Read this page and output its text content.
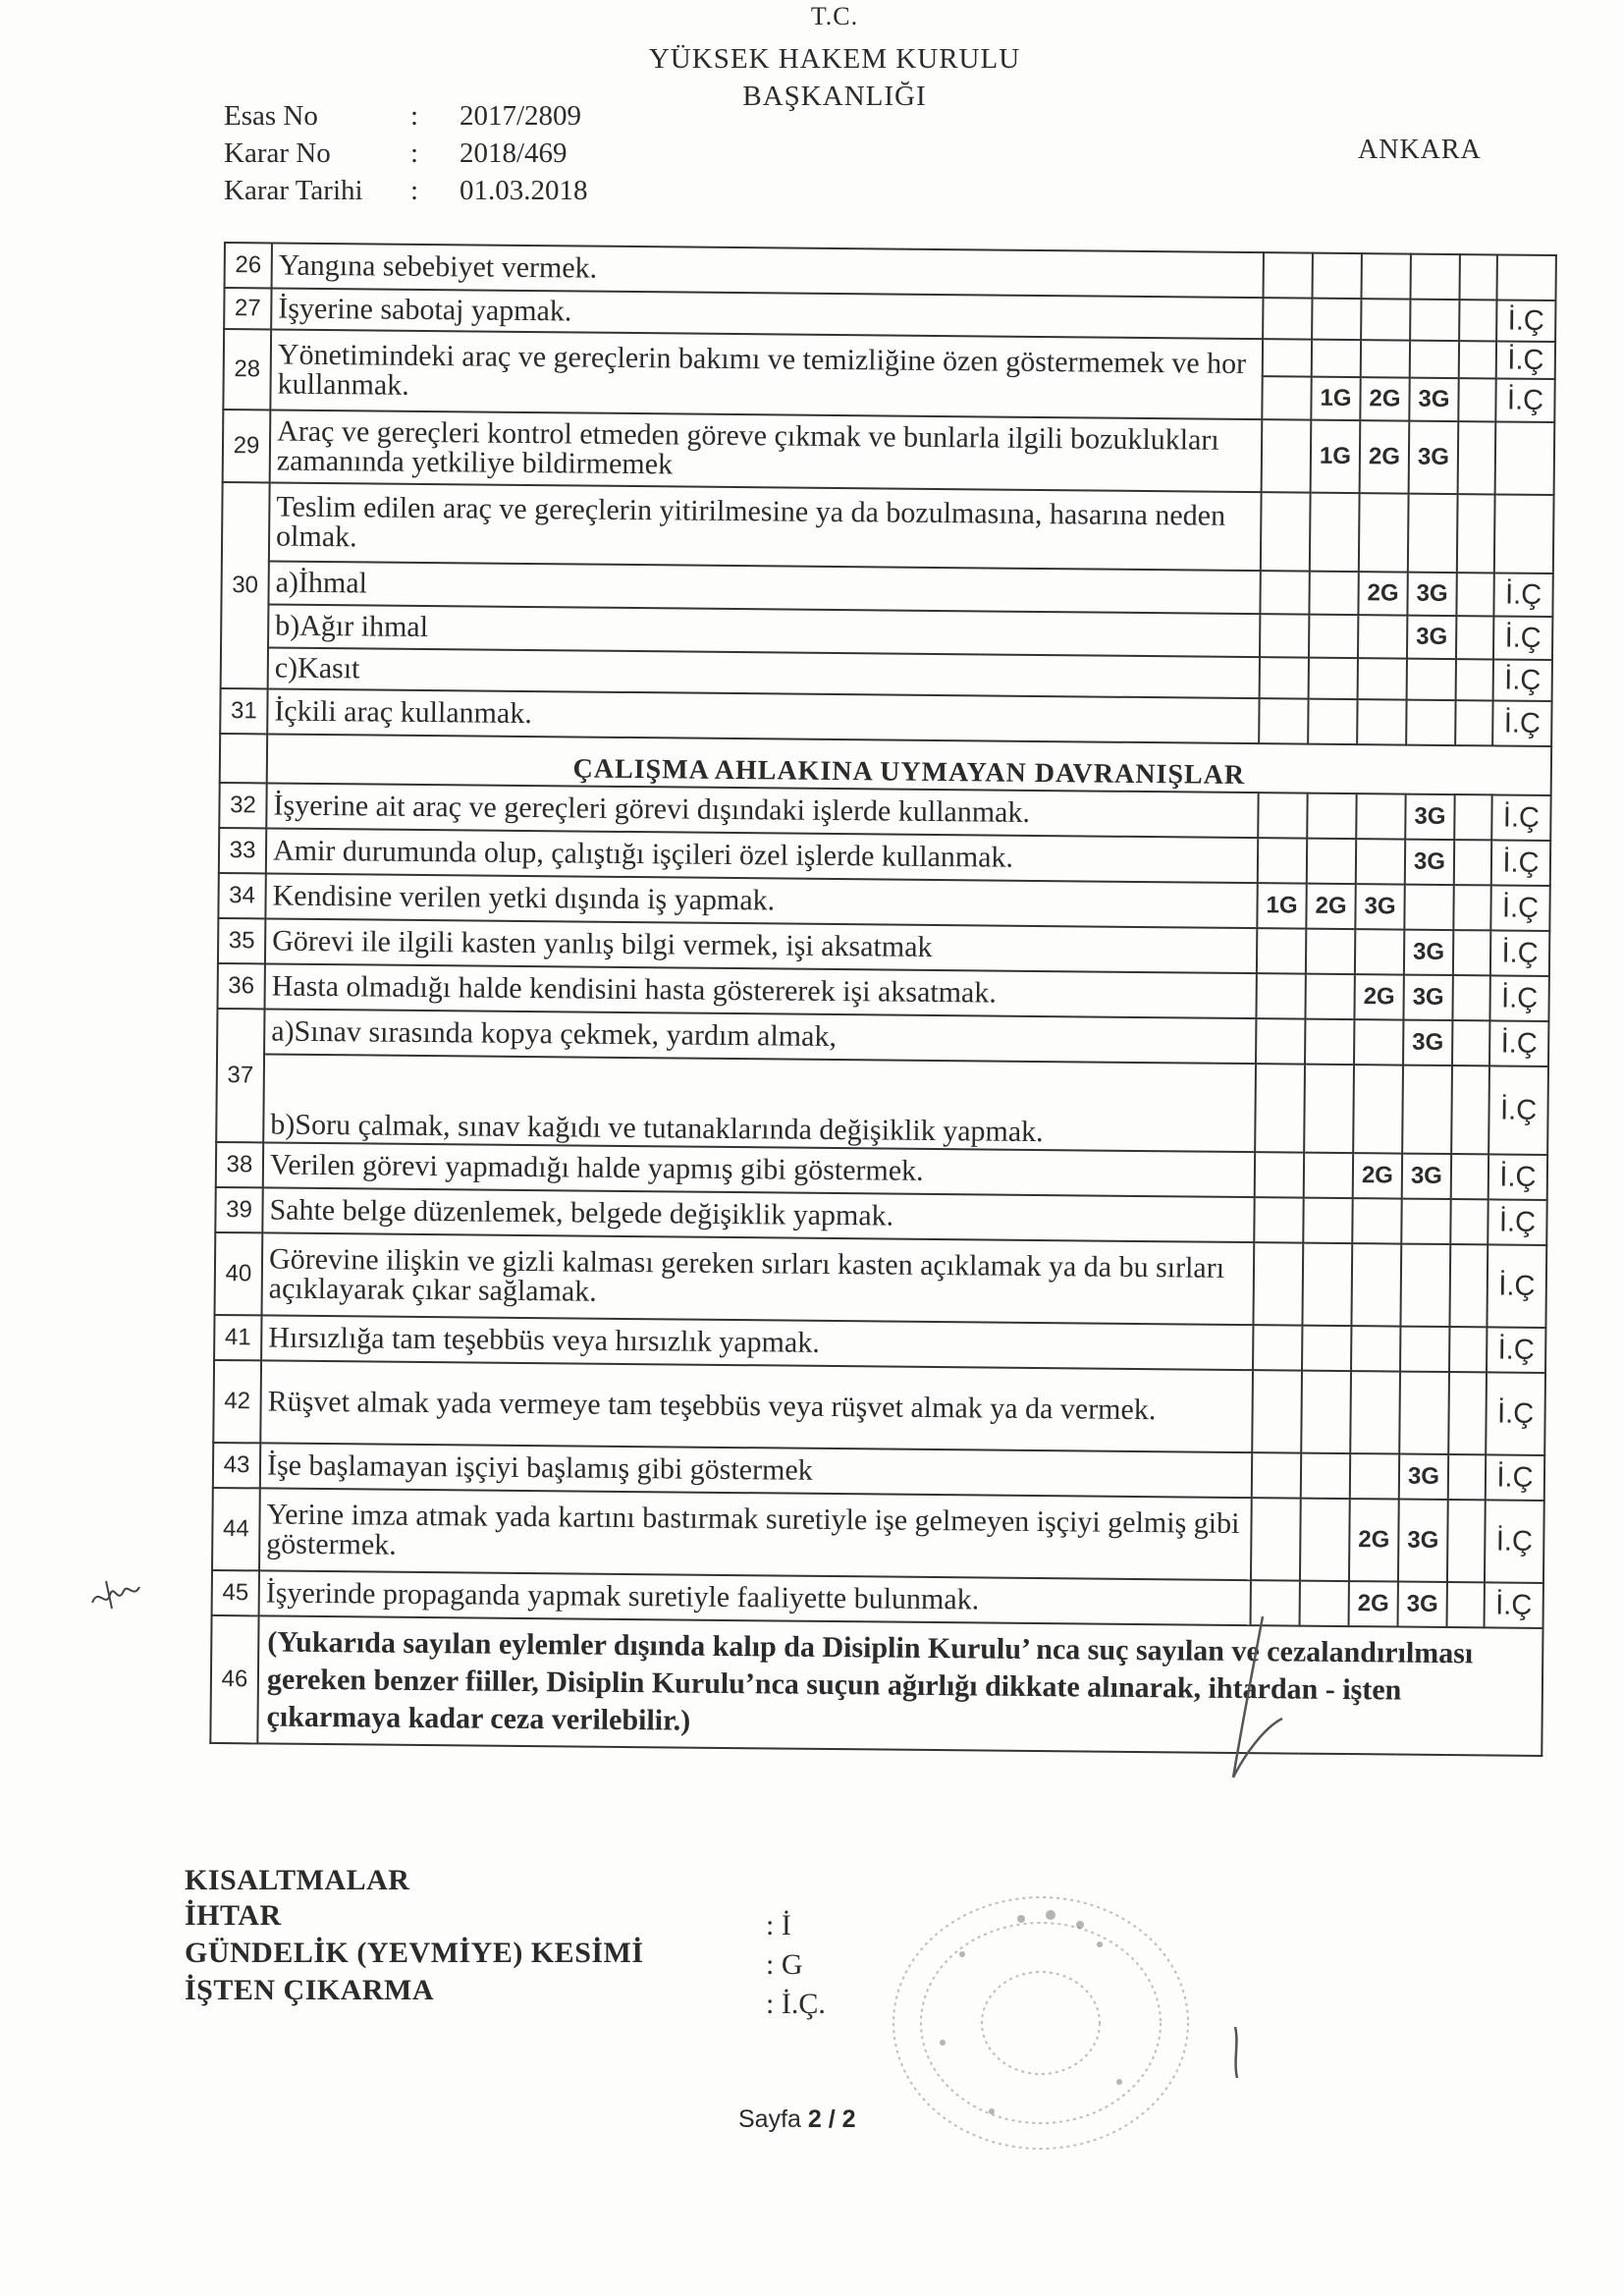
T.C.
YÜKSEK HAKEM KURULU
BAŞKANLIĞI
Esas No	: 2017/2809
Karar No	: 2018/469
Karar Tarihi : 01.03.2018
ANKARA
26	Yangına sebebiyet vermek.						
27	İşyerine sabotaj yapmak.						İ.Ç
28	Yönetimindeki araç ve gereçlerin bakımı ve temizliğine özen göstermemek ve hor kullanmak.						İ.Ç
			1G	2G	3G		İ.Ç
29	Araç ve gereçleri kontrol etmeden göreve çıkmak ve bunlarla ilgili bozuklukları zamanında yetkiliye bildirmemek		1G	2G	3G		
30	Teslim edilen araç ve gereçlerin yitirilmesine ya da bozulmasına, hasarına neden olmak.						
	a)İhmal			2G	3G		İ.Ç
	b)Ağır ihmal				3G		İ.Ç
	c)Kasıt						İ.Ç
31	İçkili araç kullanmak.						İ.Ç
	ÇALIŞMA AHLAKINA UYMAYAN DAVRANIŞLAR						
32	İşyerine ait araç ve gereçleri görevi dışındaki işlerde kullanmak.				3G		İ.Ç
33	Amir durumunda olup, çalıştığı işçileri özel işlerde kullanmak.				3G		İ.Ç
34	Kendisine verilen yetki dışında iş yapmak.	1G	2G	3G			İ.Ç
35	Görevi ile ilgili kasten yanlış bilgi vermek, işi aksatmak				3G		İ.Ç
36	Hasta olmadığı halde kendisini hasta göstererek işi aksatmak.			2G	3G		İ.Ç
37	a)Sınav sırasında kopya çekmek, yardım almak,				3G		İ.Ç
	b)Soru çalmak, sınav kağıdı ve tutanaklarında değişiklik yapmak.						İ.Ç
38	Verilen görevi yapmadığı halde yapmış gibi göstermek.			2G	3G		İ.Ç
39	Sahte belge düzenlemek, belgede değişiklik yapmak.						İ.Ç
40	Görevine ilişkin ve gizli kalması gereken sırları kasten açıklamak ya da bu sırları açıklayarak çıkar sağlamak.						İ.Ç
41	Hırsızlığa tam teşebbüs veya hırsızlık yapmak.						İ.Ç
42	Rüşvet almak yada vermeye tam teşebbüs veya rüşvet almak ya da vermek.						İ.Ç
43	İşe başlamayan işçiyi başlamış gibi göstermek				3G		İ.Ç
44	Yerine imza atmak yada kartını bastırmak suretiyle işe gelmeyen işçiyi gelmiş gibi göstermek.			2G	3G		İ.Ç
45	İşyerinde propaganda yapmak suretiyle faaliyette bulunmak.			2G	3G		İ.Ç
46	(Yukarıda sayılan eylemler dışında kalıp da Disiplin Kurulu’ nca suç sayılan ve cezalandırılması gereken benzer fiiller, Disiplin Kurulu’nca suçun ağırlığı dikkate alınarak, ihtardan - işten çıkarmaya kadar ceza verilebilir.)						
KISALTMALAR
İHTAR
GÜNDELİK (YEVMİYE) KESİMİ
İŞTEN ÇIKARMA
: İ
: G
: İ.Ç.
Sayfa 2 / 2
